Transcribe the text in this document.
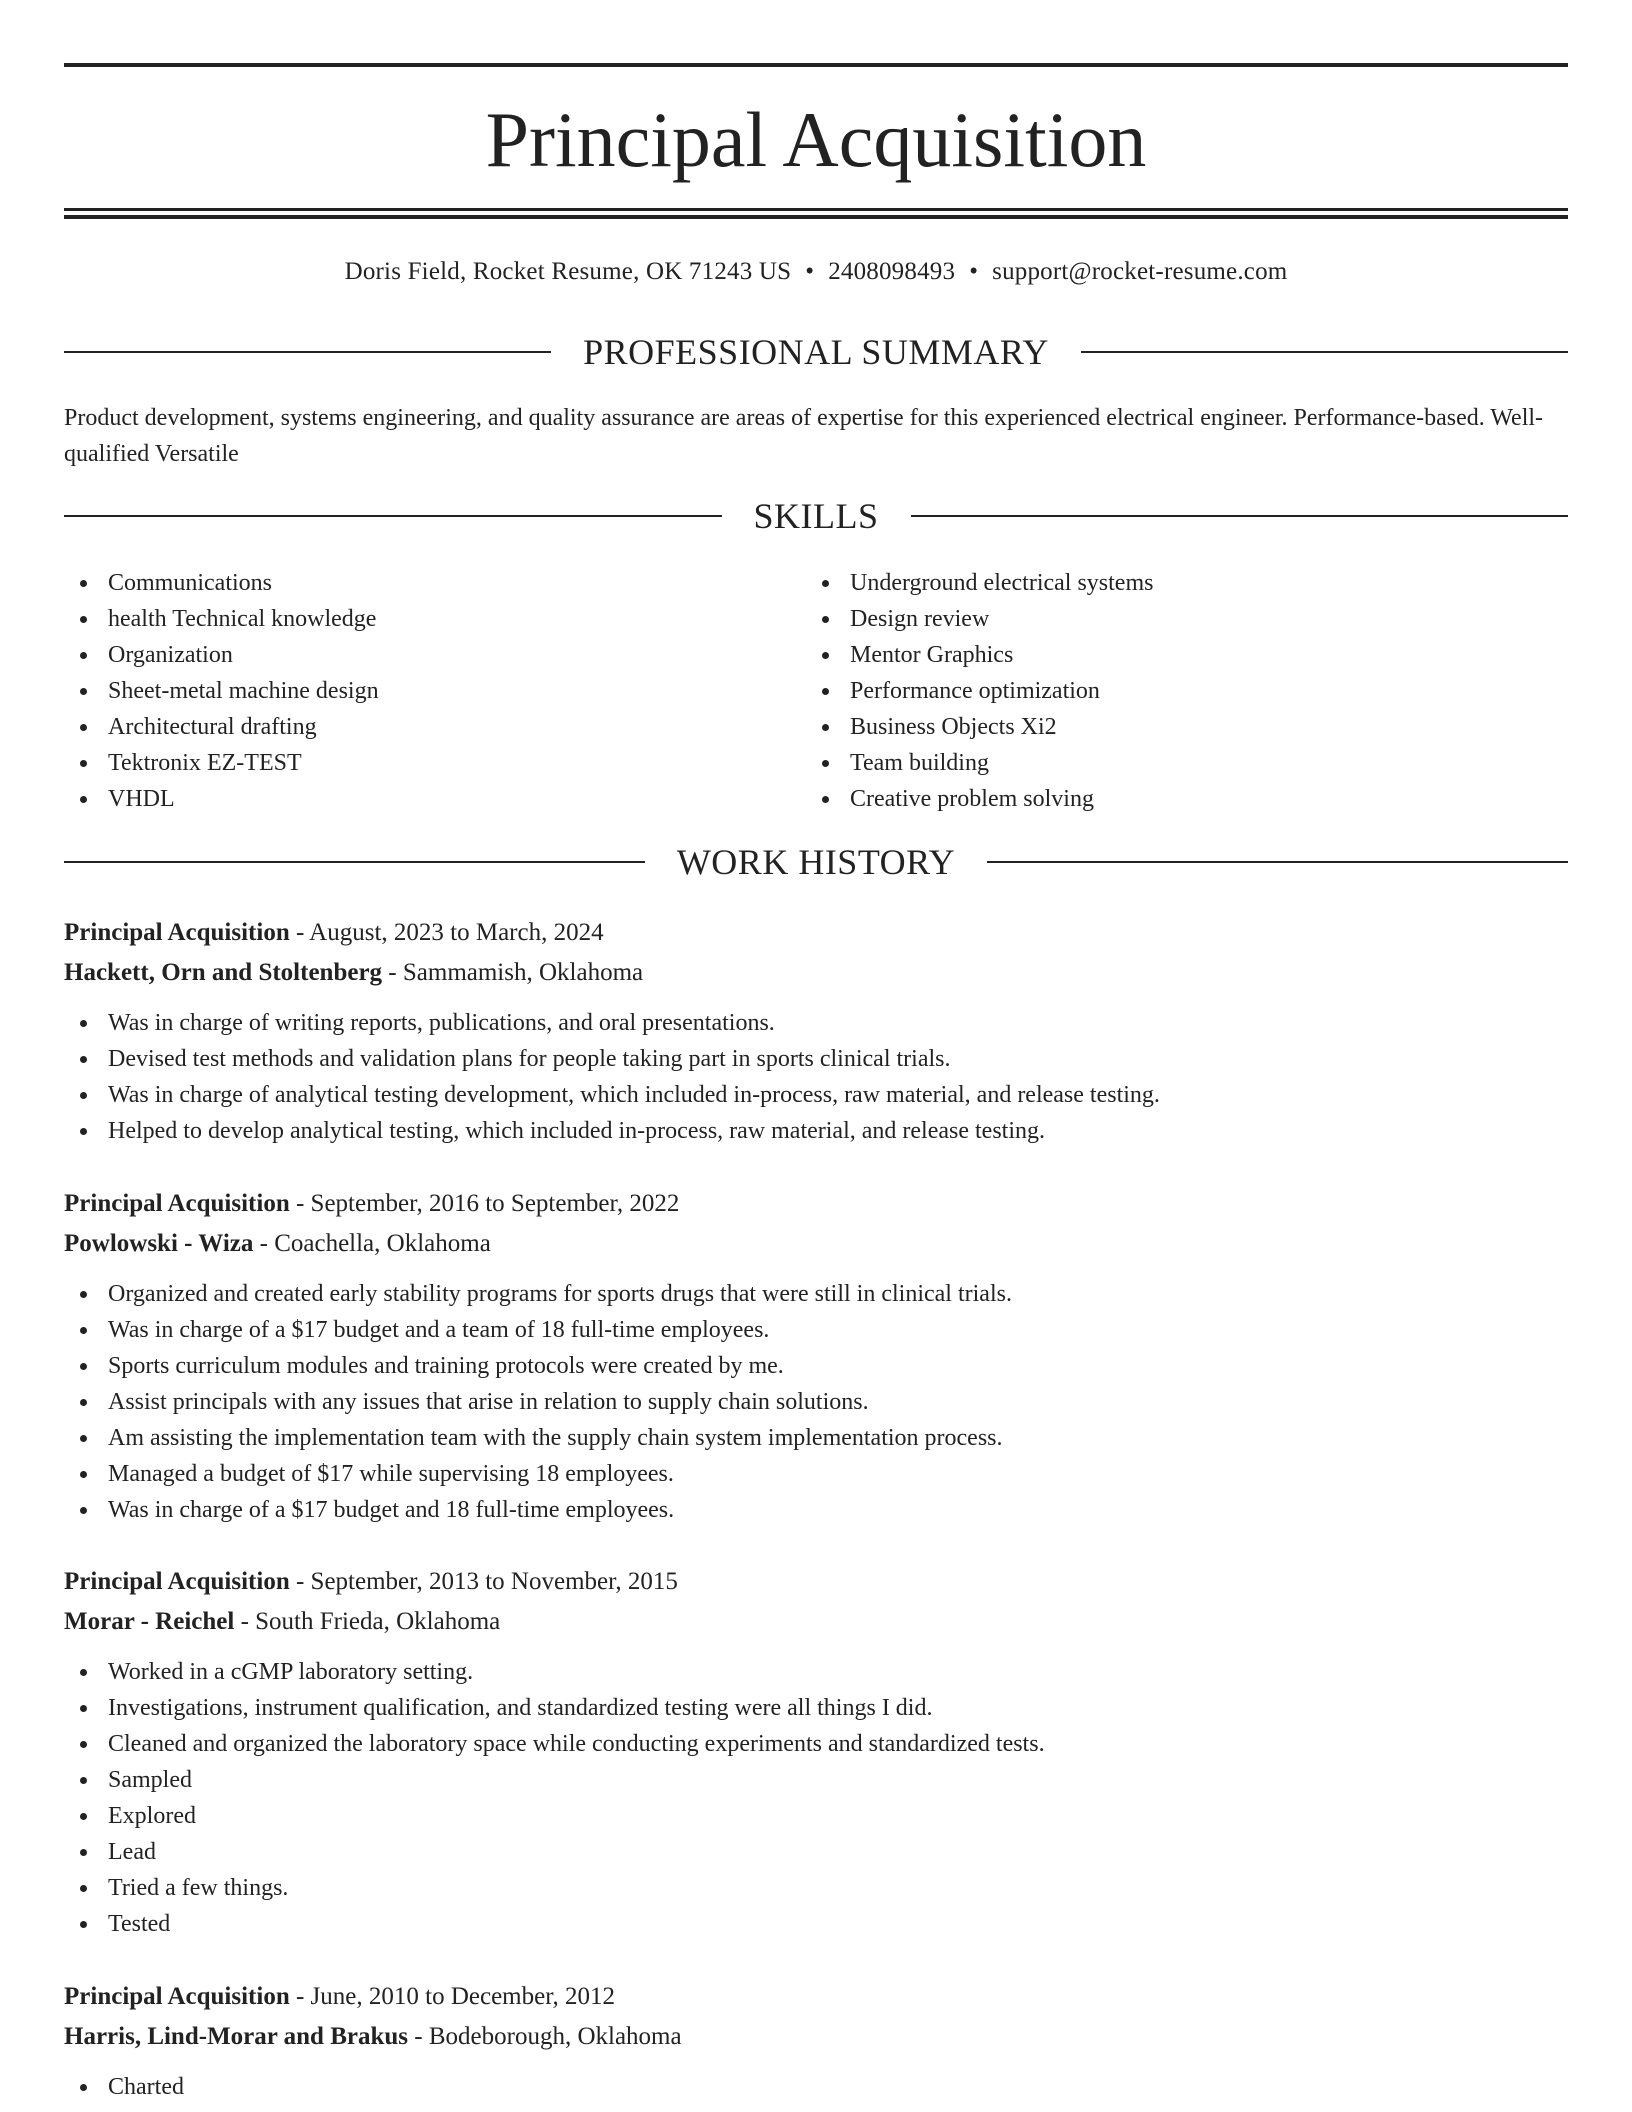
Principal Acquisition
Doris Field, Rocket Resume, OK 71243 US • 2408098493 • support@rocket-resume.com
PROFESSIONAL SUMMARY

Product development, systems engineering, and quality assurance are areas of expertise for this experienced electrical engineer. Performance-based. Well-qualified Versatile

SKILLS
Communications
health Technical knowledge
Organization
Sheet-metal machine design
Architectural drafting
Tektronix EZ-TEST
VHDL
Underground electrical systems
Design review
Mentor Graphics
Performance optimization
Business Objects Xi2
Team building
Creative problem solving
WORK HISTORY
Principal Acquisition - August, 2023 to March, 2024
Hackett, Orn and Stoltenberg - Sammamish, Oklahoma
Was in charge of writing reports, publications, and oral presentations.
Devised test methods and validation plans for people taking part in sports clinical trials.
Was in charge of analytical testing development, which included in-process, raw material, and release testing.
Helped to develop analytical testing, which included in-process, raw material, and release testing.
Principal Acquisition - September, 2016 to September, 2022
Powlowski - Wiza - Coachella, Oklahoma
Organized and created early stability programs for sports drugs that were still in clinical trials.
Was in charge of a $17 budget and a team of 18 full-time employees.
Sports curriculum modules and training protocols were created by me.
Assist principals with any issues that arise in relation to supply chain solutions.
Am assisting the implementation team with the supply chain system implementation process.
Managed a budget of $17 while supervising 18 employees.
Was in charge of a $17 budget and 18 full-time employees.
Principal Acquisition - September, 2013 to November, 2015
Morar - Reichel - South Frieda, Oklahoma
Worked in a cGMP laboratory setting.
Investigations, instrument qualification, and standardized testing were all things I did.
Cleaned and organized the laboratory space while conducting experiments and standardized tests.
Sampled
Explored
Lead
Tried a few things.
Tested
Principal Acquisition - June, 2010 to December, 2012
Harris, Lind-Morar and Brakus - Bodeborough, Oklahoma
Charted
